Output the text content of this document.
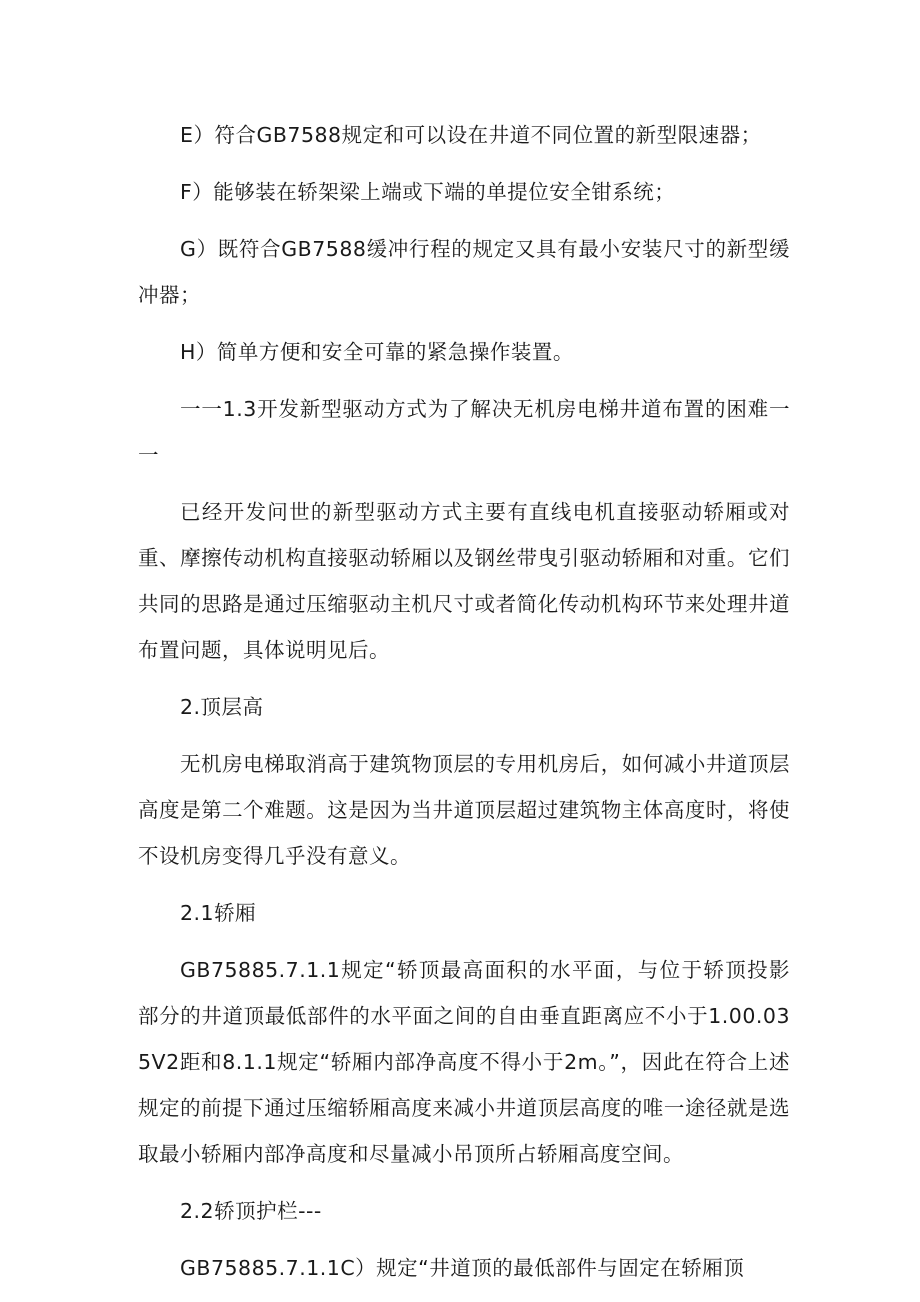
E）符合GB7588规定和可以设在井道不同位置的新型限速器；

F）能够装在轿架梁上端或下端的单提位安全钳系统；

G）既符合GB7588缓冲行程的规定又具有最小安装尺寸的新型缓冲器；

H）简单方便和安全可靠的紧急操作装置。

一一1.3开发新型驱动方式为了解决无机房电梯井道布置的困难一一

已经开发问世的新型驱动方式主要有直线电机直接驱动轿厢或对重、摩擦传动机构直接驱动轿厢以及钢丝带曳引驱动轿厢和对重。它们共同的思路是通过压缩驱动主机尺寸或者简化传动机构环节来处理井道布置问题，具体说明见后。

2.顶层高

无机房电梯取消高于建筑物顶层的专用机房后，如何减小井道顶层高度是第二个难题。这是因为当井道顶层超过建筑物主体高度时，将使不设机房变得几乎没有意义。

2.1轿厢

GB75885.7.1.1规定“轿顶最高面积的水平面，与位于轿顶投影部分的井道顶最低部件的水平面之间的自由垂直距离应不小于1.00.035V2距和8.1.1规定“轿厢内部净高度不得小于2m。”，因此在符合上述规定的前提下通过压缩轿厢高度来减小井道顶层高度的唯一途径就是选取最小轿厢内部净高度和尽量减小吊顶所占轿厢高度空间。

2.2轿顶护栏---

GB75885.7.1.1C）规定“井道顶的最低部件与固定在轿厢顶
